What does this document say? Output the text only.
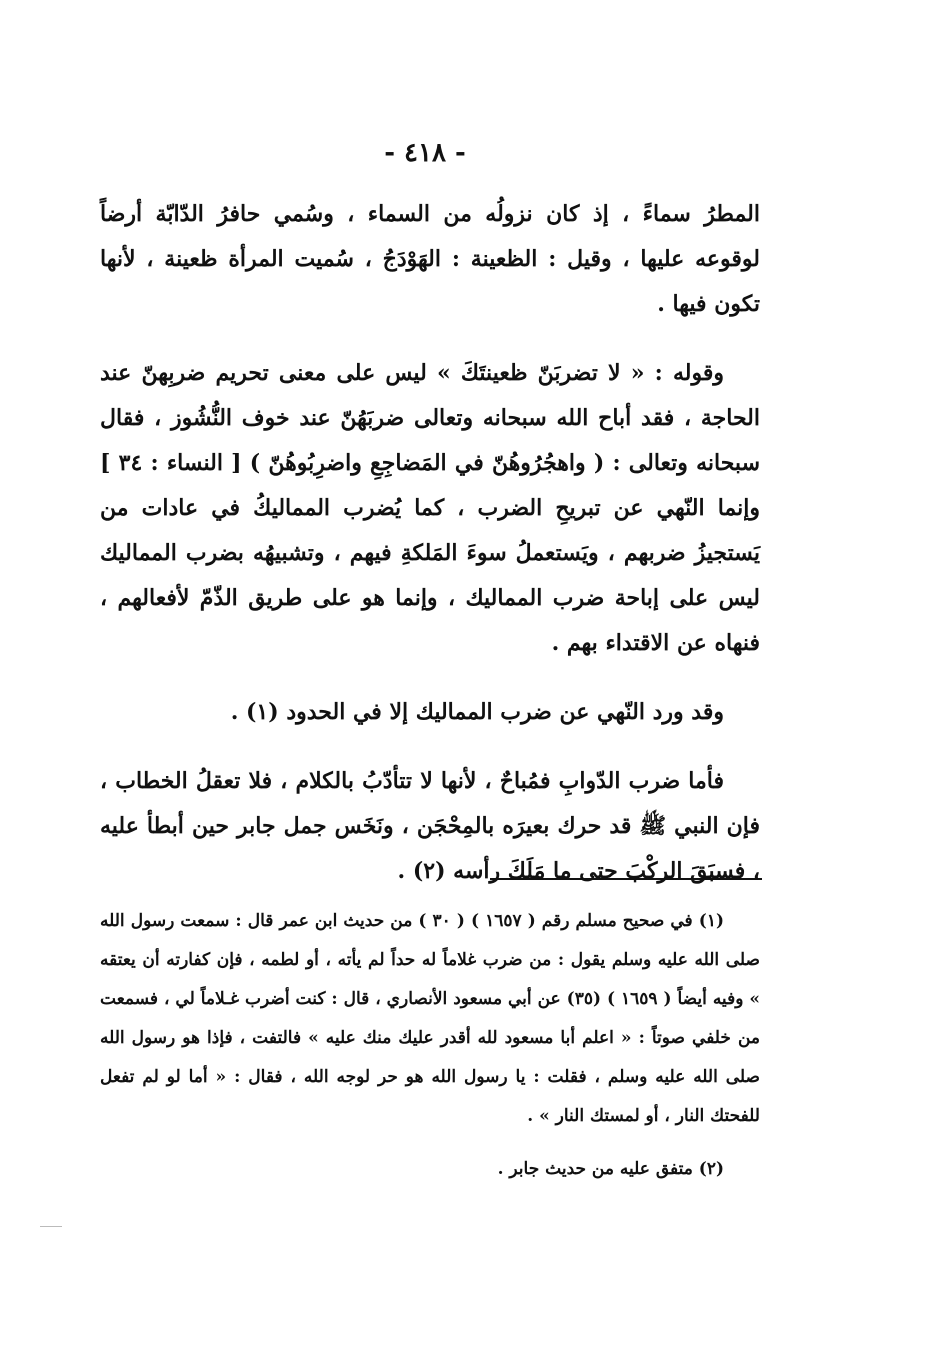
- ٤١٨ -

المطرُ سماءً ، إذ كان نزولُه من السماء ، وسُمي حافرُ الدّابّة أرضاً لوقوعه عليها ، وقيل : الظعينة : الهَوْدَجُ ، سُميت المرأة ظعينة ، لأنها تكون فيها .

وقوله : « لا تضربَنّ ظعينتَكَ » ليس على معنى تحريم ضربِهنّ عند الحاجة ، فقد أباح الله سبحانه وتعالى ضربَهُنّ عند خوف النُّشُوز ، فقال سبحانه وتعالى : ( واهجُرُوهُنّ في المَضاجِعِ واضرِبُوهُنّ ) [ النساء : ٣٤ ] وإنما النّهي عن تبريحِ الضرب ، كما يُضرب المماليكُ في عادات من يَستجيزُ ضربهم ، ويَستعملُ سوءَ المَلكةِ فيهم ، وتشبيهُه بضرب المماليك ليس على إباحة ضرب المماليك ، وإنما هو على طريق الذّمّ لأفعالهم ، فنهاه عن الاقتداء بهم .

وقد ورد النّهي عن ضرب المماليك إلا في الحدود (١) .

فأما ضرب الدّوابِ فمُباحٌ ، لأنها لا تتأدّبُ بالكلام ، فلا تعقلُ الخطاب ، فإن النبي ﷺ قد حرك بعيرَه بالمِحْجَن ، ونَخَس جمل جابر حين أبطأ عليه ، فسبَقَ الركْبَ حتى ما مَلَكَ رأسه (٢) .

(١) في صحيح مسلم رقم ( ١٦٥٧ ) ( ٣٠ ) من حديث ابن عمر قال : سمعت رسول الله صلى الله عليه وسلم يقول : من ضرب غلاماً له حداً لم يأته ، أو لطمه ، فإن كفارته أن يعتقه » وفيه أيضاً ( ١٦٥٩ ) (٣٥) عن أبي مسعود الأنصاري ، قال : كنت أضرب غـلاماً لي ، فسمعت من خلفي صوتاً : « اعلم أبا مسعود لله أقدر عليك منك عليه » فالتفت ، فإذا هو رسول الله صلى الله عليه وسلم ، فقلت : يا رسول الله هو حر لوجه الله ، فقال : « أما لو لم تفعل للفحتك النار ، أو لمستك النار » .

(٢) متفق عليه من حديث جابر .
